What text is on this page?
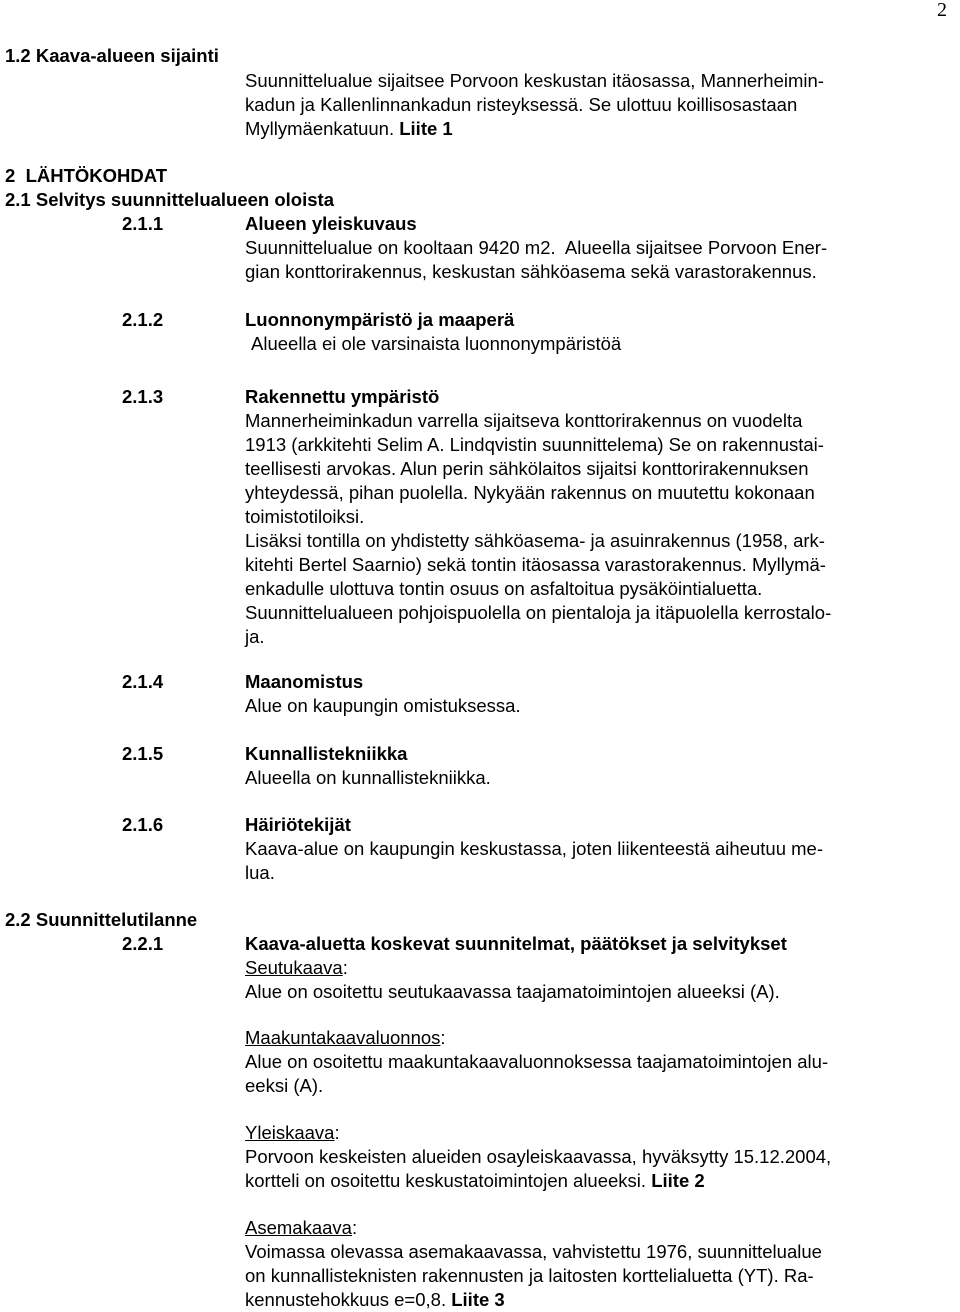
2
1.2 Kaava-alueen sijainti
Suunnittelualue sijaitsee Porvoon keskustan itäosassa, Mannerheimin-
kadun ja Kallenlinnankadun risteyksessä. Se ulottuu koillisosastaan
Myllymäenkatuun. Liite 1
2  LÄHTÖKOHDAT
2.1 Selvitys suunnittelualueen oloista
2.1.1	Alueen yleiskuvaus
Suunnittelualue on kooltaan 9420 m2.  Alueella sijaitsee Porvoon Ener-
gian konttorirakennus, keskustan sähköasema sekä varastorakennus.
2.1.2	Luonnonympäristö ja maaperä
Alueella ei ole varsinaista luonnonympäristöä
2.1.3	Rakennettu ympäristö
Mannerheiminkadun varrella sijaitseva konttorirakennus on vuodelta
1913 (arkkitehti Selim A. Lindqvistin suunnittelema) Se on rakennustai-
teellisesti arvokas. Alun perin sähkölaitos sijaitsi konttorirakennuksen
yhteydessä, pihan puolella. Nykyään rakennus on muutettu kokonaan
toimistotiloiksi.
Lisäksi tontilla on yhdistetty sähköasema- ja asuinrakennus (1958, ark-
kitehti Bertel Saarnio) sekä tontin itäosassa varastorakennus. Myllymä-
enkadulle ulottuva tontin osuus on asfaltoitua pysäköintialuetta.
Suunnittelualueen pohjoispuolella on pientaloja ja itäpuolella kerrostalo-
ja.
2.1.4	Maanomistus
Alue on kaupungin omistuksessa.
2.1.5	Kunnallistekniikka
Alueella on kunnallistekniikka.
2.1.6	Häiriötekijät
Kaava-alue on kaupungin keskustassa, joten liikenteestä aiheutuu me-
lua.
2.2 Suunnittelutilanne
2.2.1	Kaava-aluetta koskevat suunnitelmat, päätökset ja selvitykset
Seutukaava:
Alue on osoitettu seutukaavassa taajamatoimintojen alueeksi (A).
Maakuntakaavaluonnos:
Alue on osoitettu maakuntakaavaluonnoksessa taajamatoimintojen alu-
eeksi (A).
Yleiskaava:
Porvoon keskeisten alueiden osayleiskaavassa, hyväksytty 15.12.2004,
kortteli on osoitettu keskustatoimintojen alueeksi. Liite 2
Asemakaava:
Voimassa olevassa asemakaavassa, vahvistettu 1976, suunnittelualue
on kunnallisteknisten rakennusten ja laitosten korttelialuetta (YT). Ra-
kennustehokkuus e=0,8. Liite 3
